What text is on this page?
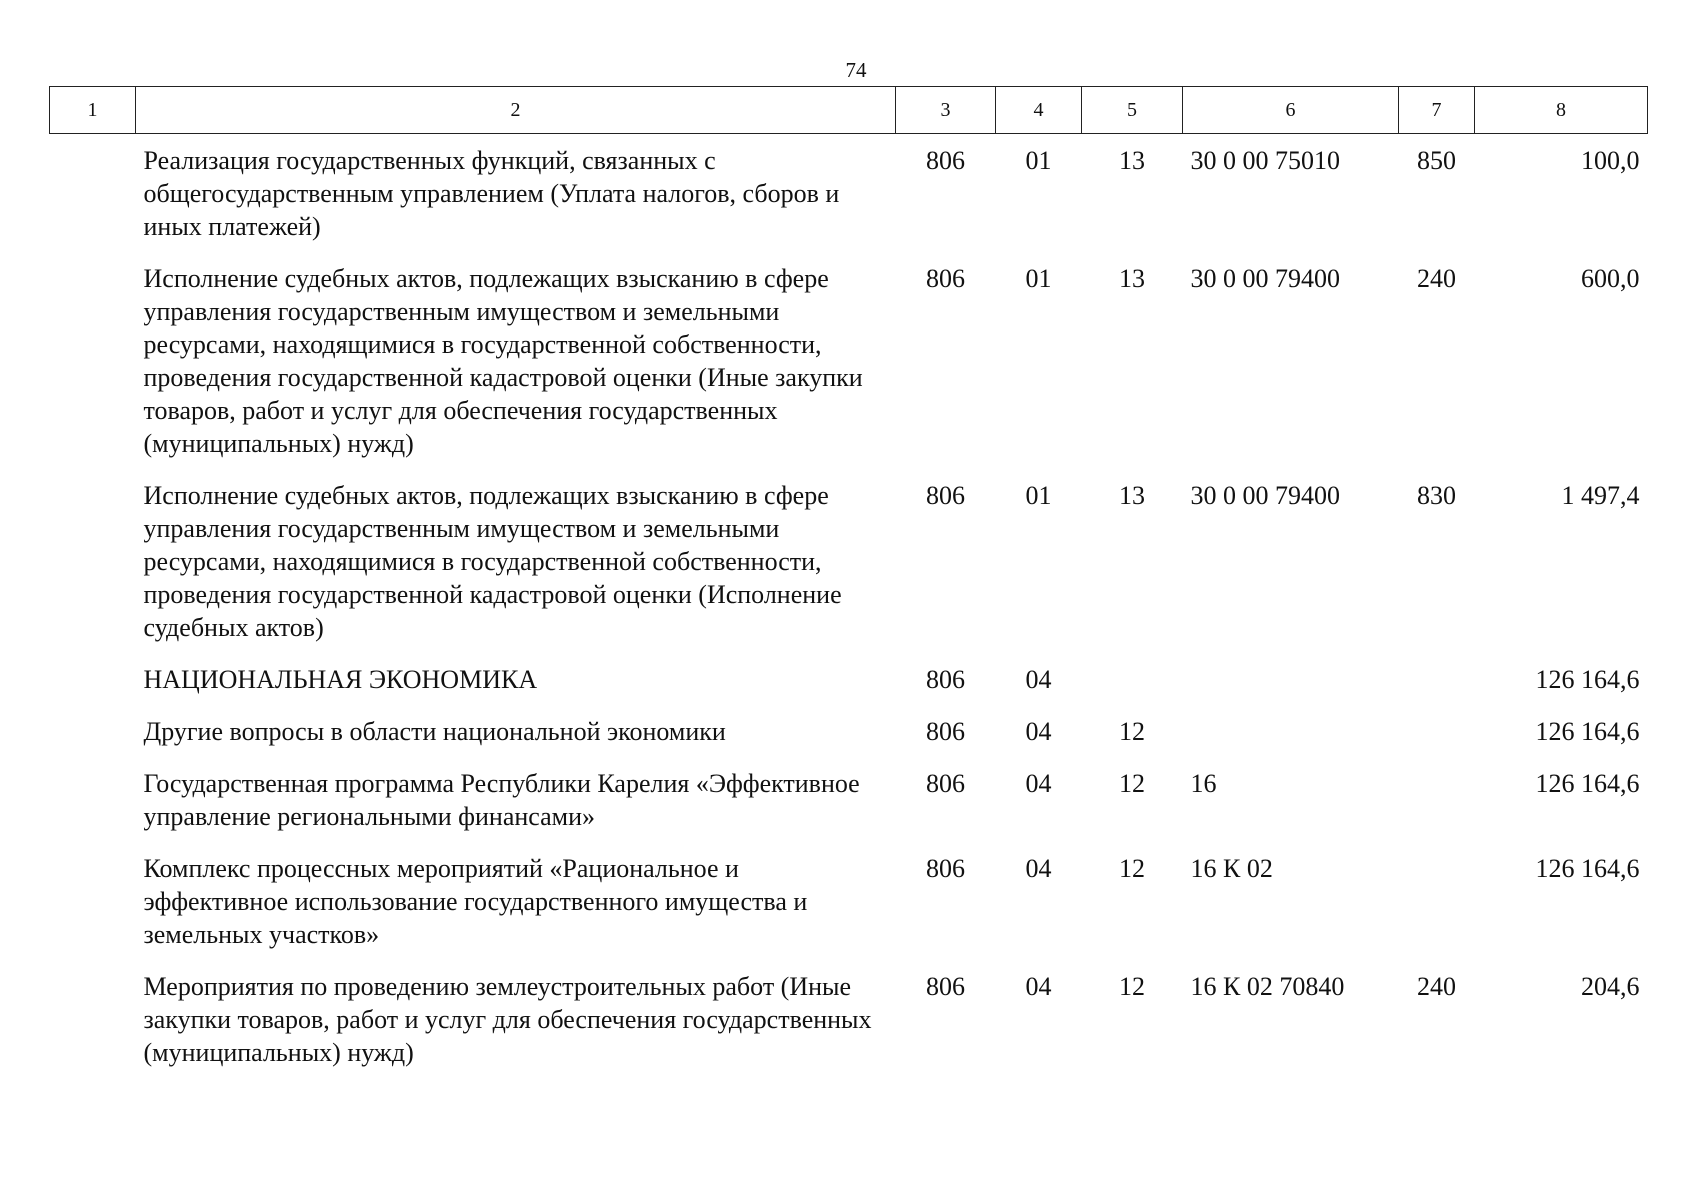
74
1	2	3	4	5	6	7	8
	Реализация государственных функций, связанных с общегосударственным управлением (Уплата налогов, сборов и иных платежей)	806	01	13	30 0 00 75010	850	100,0
	Исполнение судебных актов, подлежащих взысканию в сфере управления государственным имуществом и земельными ресурсами, находящимися в государственной собственности, проведения государственной кадастровой оценки (Иные закупки товаров, работ и услуг для обеспечения государственных (муниципальных) нужд)	806	01	13	30 0 00 79400	240	600,0
	Исполнение судебных актов, подлежащих взысканию в сфере управления государственным имуществом и земельными ресурсами, находящимися в государственной собственности, проведения государственной кадастровой оценки (Исполнение судебных актов)	806	01	13	30 0 00 79400	830	1 497,4
	НАЦИОНАЛЬНАЯ ЭКОНОМИКА	806	04				126 164,6
	Другие вопросы в области национальной экономики	806	04	12			126 164,6
	Государственная программа Республики Карелия «Эффективное управление региональными финансами»	806	04	12	16		126 164,6
	Комплекс процессных мероприятий «Рациональное и эффективное использование государственного имущества и земельных участков»	806	04	12	16 К 02		126 164,6
	Мероприятия по проведению землеустроительных работ (Иные закупки товаров, работ и услуг для обеспечения государственных (муниципальных) нужд)	806	04	12	16 К 02 70840	240	204,6
